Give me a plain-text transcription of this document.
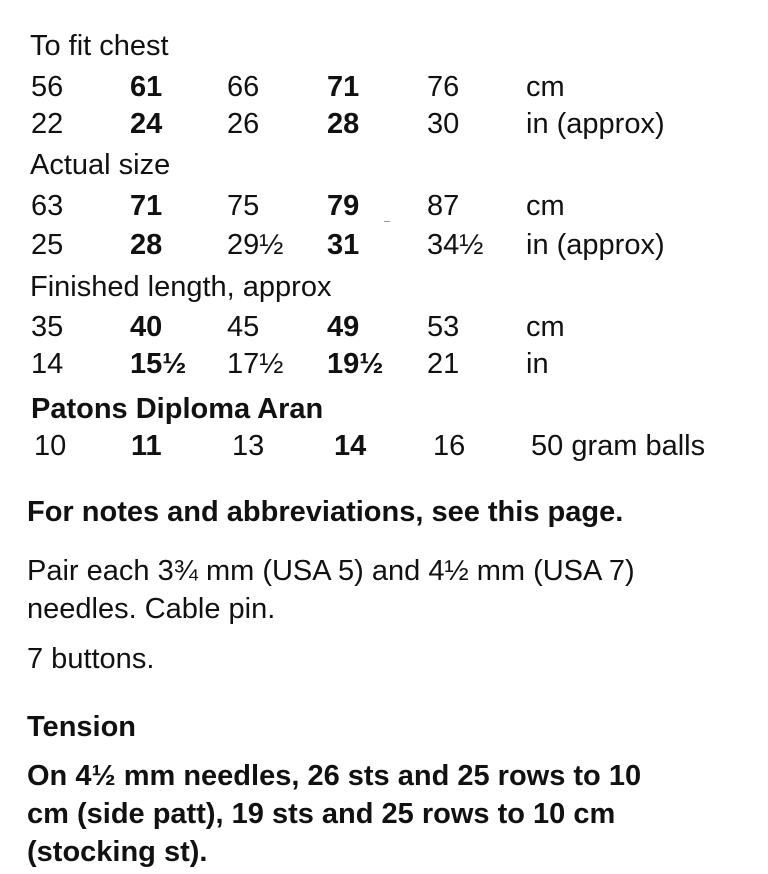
To fit chest
56 61 66 71 76 cm
22 24 26 28 30 in (approx)
Actual size
63 71 75 79 87 cm
25 28 29½ 31 34½ in (approx)
Finished length, approx
35 40 45 49 53 cm
14 15½ 17½ 19½ 21 in
Patons Diploma Aran
10 11 13 14 16 50 gram balls
For notes and abbreviations, see this page.
Pair each 3¾ mm (USA 5) and 4½ mm (USA 7)
needles. Cable pin.
7 buttons.
Tension
On 4½ mm needles, 26 sts and 25 rows to 10
cm (side patt), 19 sts and 25 rows to 10 cm
(stocking st).
